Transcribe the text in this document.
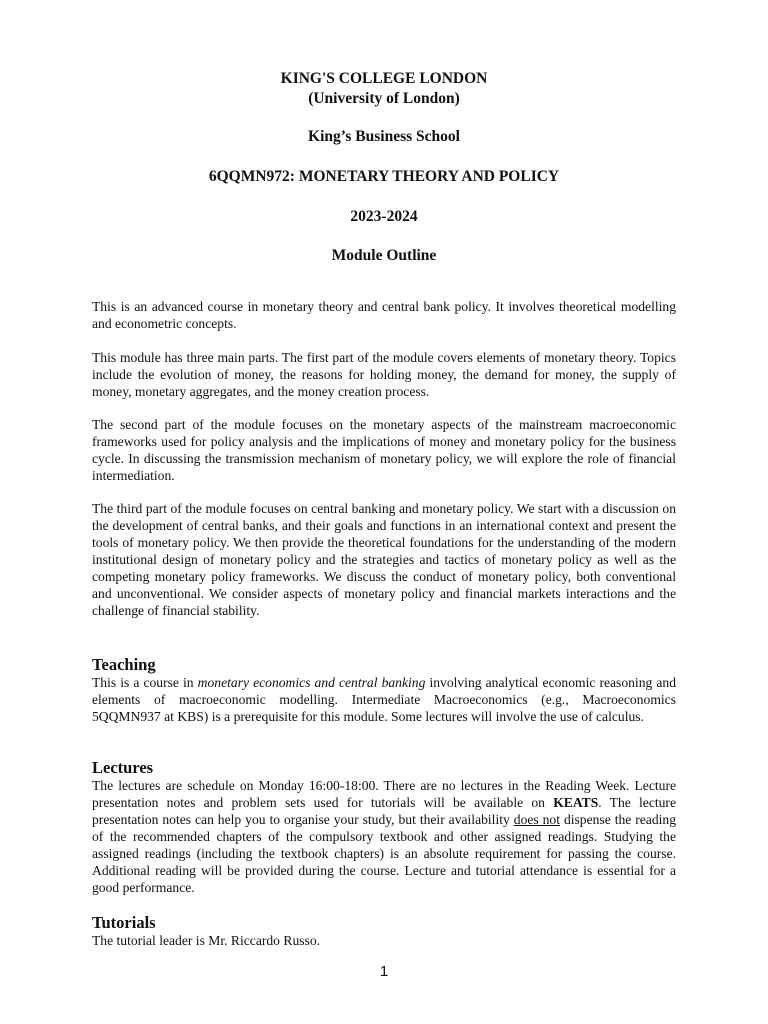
KING'S COLLEGE LONDON
(University of London)
King’s Business School
6QQMN972: MONETARY THEORY AND POLICY
2023-2024
Module Outline

This is an advanced course in monetary theory and central bank policy. It involves theoretical modelling and econometric concepts.

This module has three main parts. The first part of the module covers elements of monetary theory. Topics include the evolution of money, the reasons for holding money, the demand for money, the supply of money, monetary aggregates, and the money creation process.

The second part of the module focuses on the monetary aspects of the mainstream macroeconomic frameworks used for policy analysis and the implications of money and monetary policy for the business cycle. In discussing the transmission mechanism of monetary policy, we will explore the role of financial intermediation.

The third part of the module focuses on central banking and monetary policy. We start with a discussion on the development of central banks, and their goals and functions in an international context and present the tools of monetary policy. We then provide the theoretical foundations for the understanding of the modern institutional design of monetary policy and the strategies and tactics of monetary policy as well as the competing monetary policy frameworks. We discuss the conduct of monetary policy, both conventional and unconventional. We consider aspects of monetary policy and financial markets interactions and the challenge of financial stability.

Teaching

This is a course in monetary economics and central banking involving analytical economic reasoning and elements of macroeconomic modelling. Intermediate Macroeconomics (e.g., Macroeconomics 5QQMN937 at KBS) is a prerequisite for this module. Some lectures will involve the use of calculus.

Lectures

The lectures are schedule on Monday 16:00-18:00. There are no lectures in the Reading Week. Lecture presentation notes and problem sets used for tutorials will be available on KEATS. The lecture presentation notes can help you to organise your study, but their availability does not dispense the reading of the recommended chapters of the compulsory textbook and other assigned readings. Studying the assigned readings (including the textbook chapters) is an absolute requirement for passing the course. Additional reading will be provided during the course. Lecture and tutorial attendance is essential for a good performance.

Tutorials

The tutorial leader is Mr. Riccardo Russo.

1
